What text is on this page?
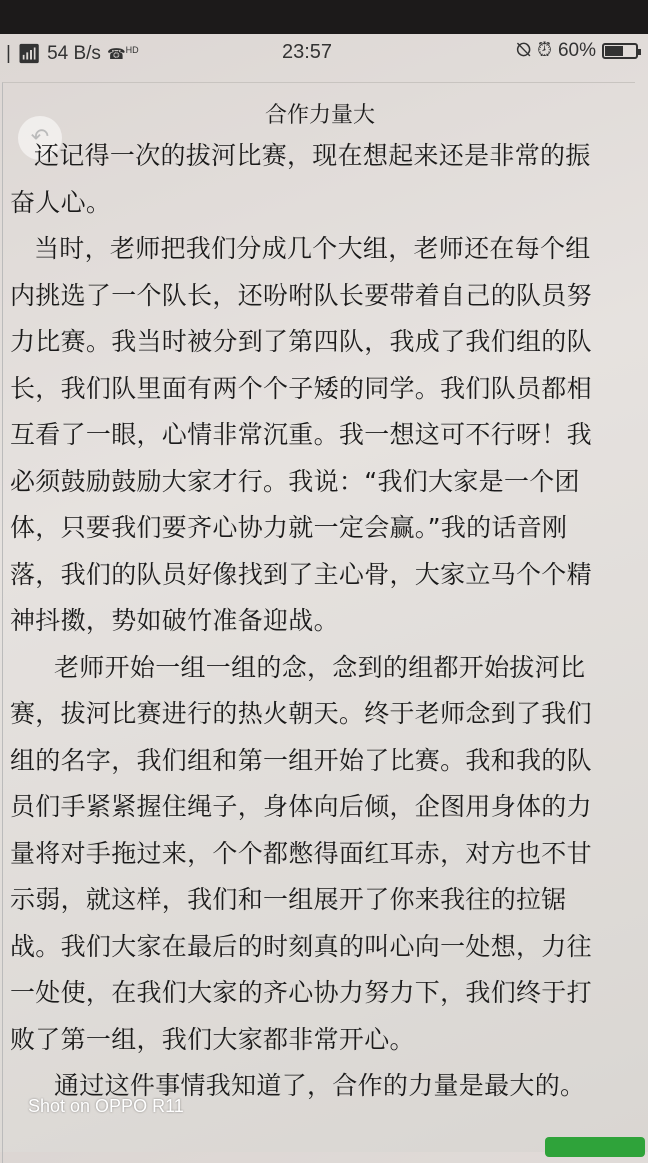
| 📶︎ 54 B/s ☎$^{HD}$	23:57	⦰ ⏰︎ 60%
合作力量大
↶
还记得一次的拔河比赛，现在想起来还是非常的振
奋人心。
当时，老师把我们分成几个大组，老师还在每个组
内挑选了一个队长，还吩咐队长要带着自己的队员努
力比赛。我当时被分到了第四队，我成了我们组的队
长，我们队里面有两个个子矮的同学。我们队员都相
互看了一眼，心情非常沉重。我一想这可不行呀！我
必须鼓励鼓励大家才行。我说：“我们大家是一个团
体，只要我们要齐心协力就一定会赢。”我的话音刚
落，我们的队员好像找到了主心骨，大家立马个个精
神抖擞，势如破竹准备迎战。
老师开始一组一组的念，念到的组都开始拔河比
赛，拔河比赛进行的热火朝天。终于老师念到了我们
组的名字，我们组和第一组开始了比赛。我和我的队
员们手紧紧握住绳子，身体向后倾，企图用身体的力
量将对手拖过来，个个都憋得面红耳赤，对方也不甘
示弱，就这样，我们和一组展开了你来我往的拉锯
战。我们大家在最后的时刻真的叫心向一处想，力往
一处使，在我们大家的齐心协力努力下，我们终于打
败了第一组，我们大家都非常开心。
通过这件事情我知道了，合作的力量是最大的。
Shot on OPPO R11
